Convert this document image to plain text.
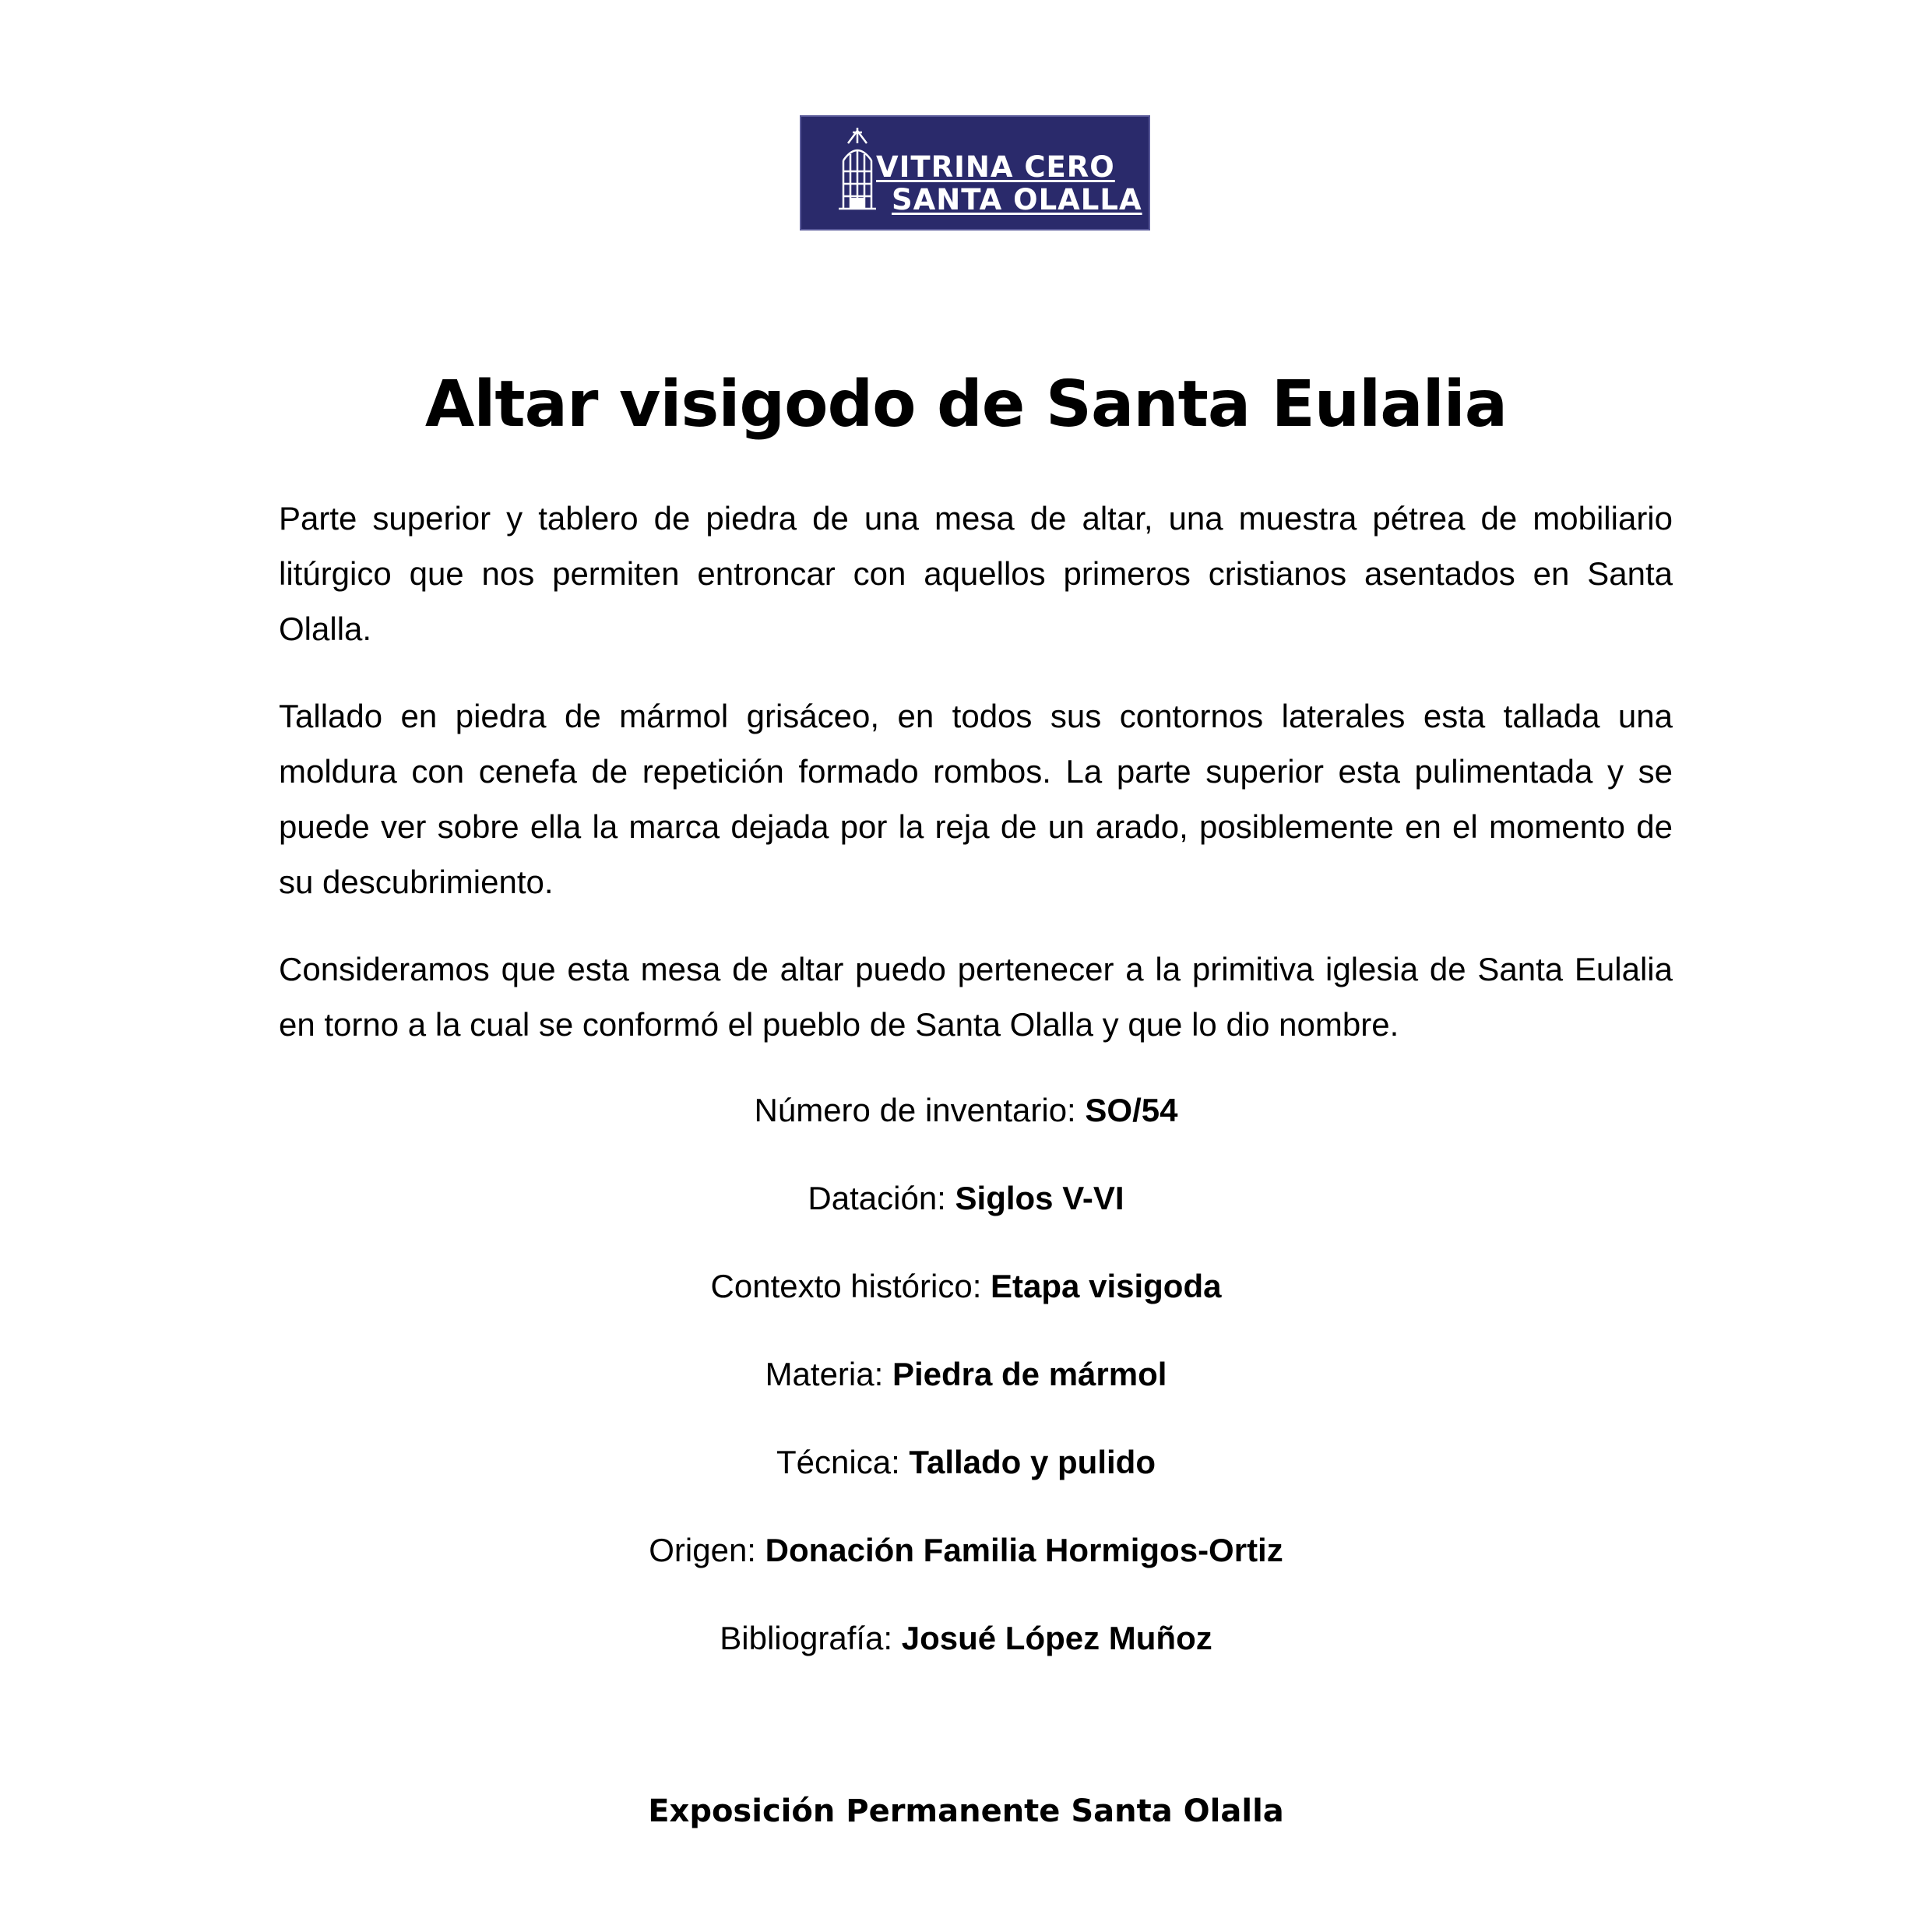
VITRINA CERO
SANTA OLALLA
Altar visigodo de Santa Eulalia

Parte superior y tablero de piedra de una mesa de altar, una muestra pétrea de mobiliario litúrgico que nos permiten entroncar con aquellos primeros cristianos asentados en Santa Olalla.

Tallado en piedra de mármol grisáceo, en todos sus contornos laterales esta tallada una moldura con cenefa de repetición formado rombos. La parte superior esta pulimentada y se puede ver sobre ella la marca dejada por la reja de un arado, posiblemente en el momento de su descubrimiento.

Consideramos que esta mesa de altar puedo pertenecer a la primitiva iglesia de Santa Eulalia en torno a la cual se conformó el pueblo de Santa Olalla y que lo dio nombre.

Número de inventario: SO/54
Datación: Siglos V-VI
Contexto histórico: Etapa visigoda
Materia: Piedra de mármol
Técnica: Tallado y pulido
Origen: Donación Familia Hormigos-Ortiz
Bibliografía: Josué López Muñoz
Exposición Permanente Santa Olalla
